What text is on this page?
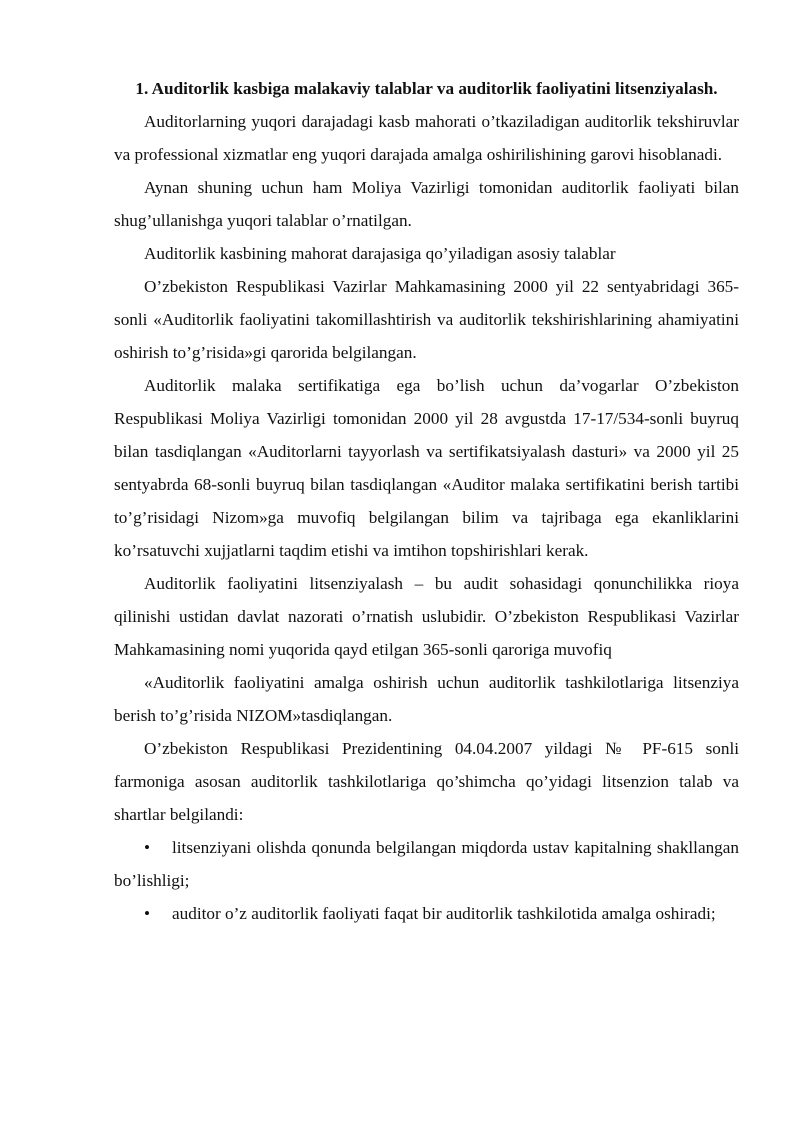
1. Auditorlik kasbiga malakaviy talablar va auditorlik faoliyatini litsenziyalash.

Auditorlarning yuqori darajadagi kasb mahorati o’tkaziladigan auditorlik tekshiruvlar va professional xizmatlar eng yuqori darajada amalga oshirilishining garovi hisoblanadi.

Aynan shuning uchun ham Moliya Vazirligi tomonidan auditorlik faoliyati bilan shug’ullanishga yuqori talablar o’rnatilgan.

Auditorlik kasbining mahorat darajasiga qo’yiladigan asosiy talablar

O’zbekiston Respublikasi Vazirlar Mahkamasining 2000 yil 22 sentyabridagi 365-sonli «Auditorlik faoliyatini takomillashtirish va auditorlik tekshirishlarining ahamiyatini oshirish to’g’risida»gi qarorida belgilangan.

Auditorlik malaka sertifikatiga ega bo’lish uchun da’vogarlar O’zbekiston Respublikasi Moliya Vazirligi tomonidan 2000 yil 28 avgustda 17-17/534-sonli buyruq bilan tasdiqlangan «Auditorlarni tayyorlash va sertifikatsiyalash dasturi» va 2000 yil 25 sentyabrda 68-sonli buyruq bilan tasdiqlangan «Auditor malaka sertifikatini berish tartibi to’g’risidagi Nizom»ga muvofiq belgilangan bilim va tajribaga ega ekanliklarini ko’rsatuvchi xujjatlarni taqdim etishi va imtihon topshirishlari kerak.

Auditorlik faoliyatini litsenziyalash – bu audit sohasidagi qonunchilikka rioya qilinishi ustidan davlat nazorati o’rnatish uslubidir. O’zbekiston Respublikasi Vazirlar Mahkamasining nomi yuqorida qayd etilgan 365-sonli qaroriga muvofiq

«Auditorlik faoliyatini amalga oshirish uchun auditorlik tashkilotlariga litsenziya berish to’g’risida NIZOM»tasdiqlangan.

O’zbekiston Respublikasi Prezidentining 04.04.2007 yildagi № PF-615 sonli farmoniga asosan auditorlik tashkilotlariga qo’shimcha qo’yidagi litsenzion talab va shartlar belgilandi:

• litsenziyani olishda qonunda belgilangan miqdorda ustav kapitalning shakllangan bo’lishligi;

• auditor o’z auditorlik faoliyati faqat bir auditorlik tashkilotida amalga oshiradi;
